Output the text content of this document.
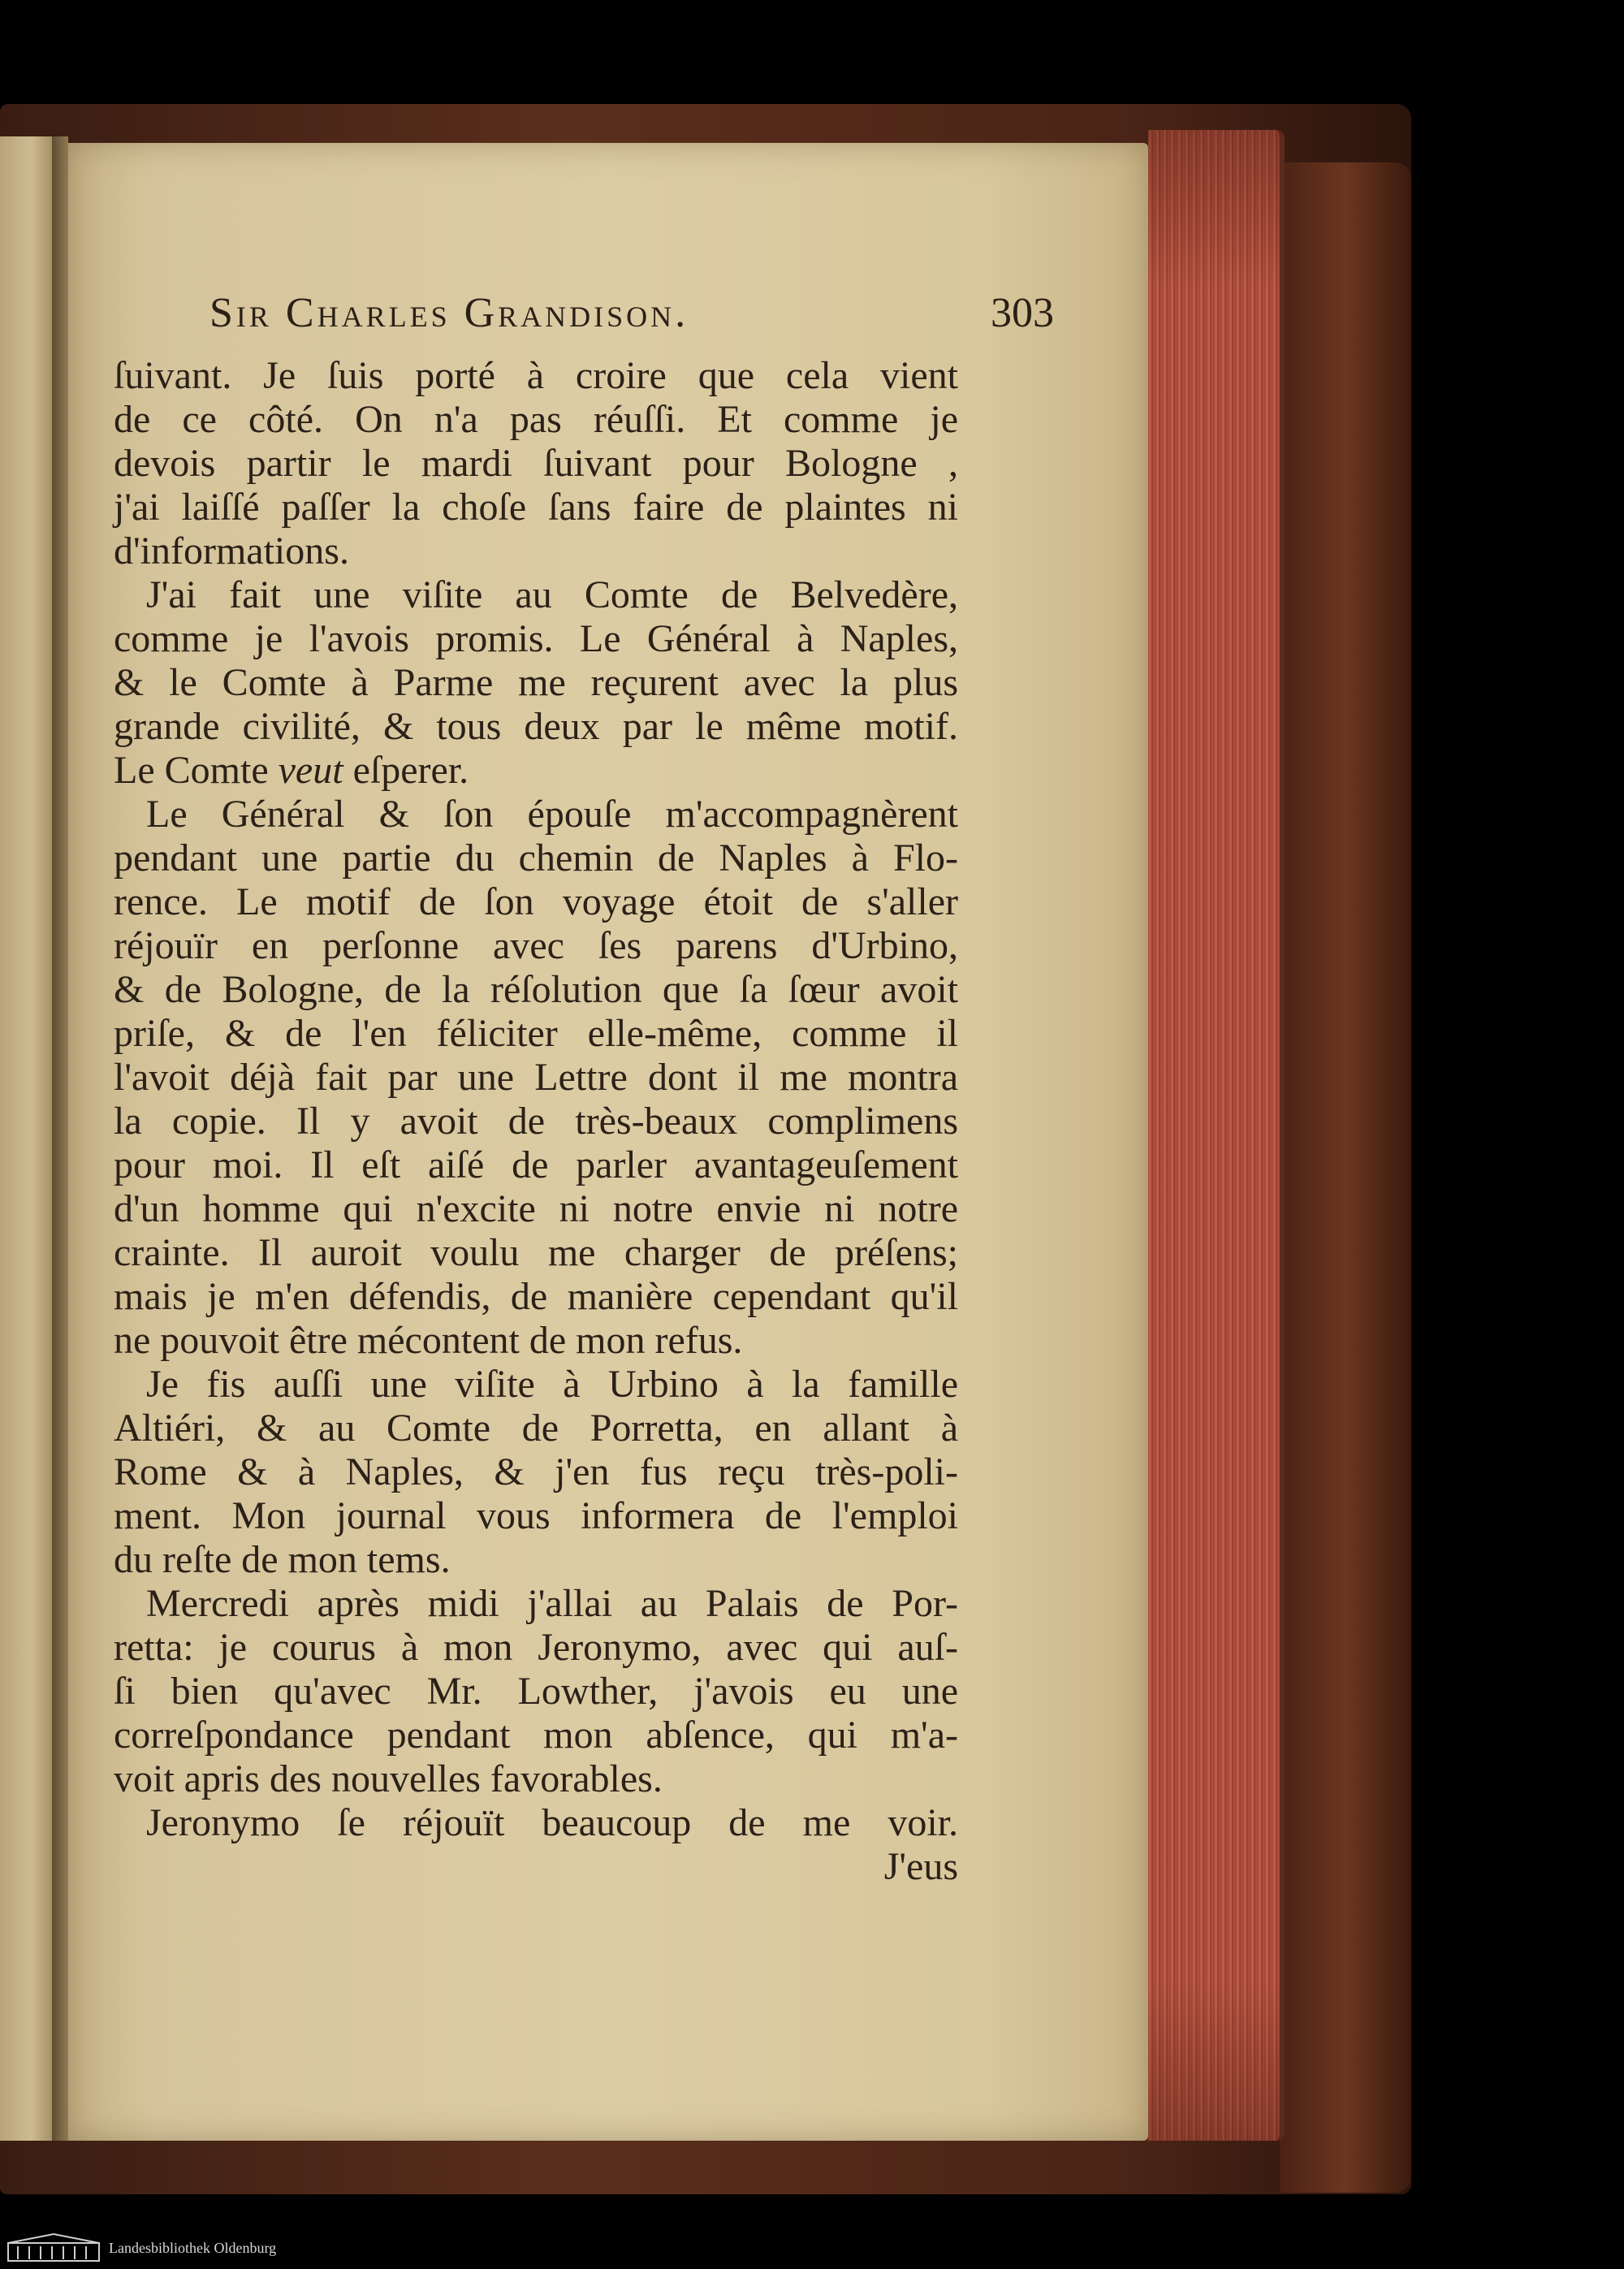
Sir Charles Grandison.	303
ſuivant. Je ſuis porté à croire que cela vient
de ce côté. On n'a pas réuſſi. Et comme je
devois partir le mardi ſuivant pour Bologne ,
j'ai laiſſé paſſer la choſe ſans faire de plaintes ni
d'informations.
J'ai fait une viſite au Comte de Belvedère,
comme je l'avois promis. Le Général à Naples,
& le Comte à Parme me reçurent avec la plus
grande civilité, & tous deux par le même motif.
Le Comte veut eſperer.
Le Général & ſon épouſe m'accompagnèrent
pendant une partie du chemin de Naples à Flo-
rence. Le motif de ſon voyage étoit de s'aller
réjouïr en perſonne avec ſes parens d'Urbino,
& de Bologne, de la réſolution que ſa ſœur avoit
priſe, & de l'en féliciter elle-même, comme il
l'avoit déjà fait par une Lettre dont il me montra
la copie. Il y avoit de très-beaux complimens
pour moi. Il eſt aiſé de parler avantageuſement
d'un homme qui n'excite ni notre envie ni notre
crainte. Il auroit voulu me charger de préſens;
mais je m'en défendis, de manière cependant qu'il
ne pouvoit être mécontent de mon refus.
Je fis auſſi une viſite à Urbino à la famille
Altiéri, & au Comte de Porretta, en allant à
Rome & à Naples, & j'en fus reçu très-poli-
ment. Mon journal vous informera de l'emploi
du reſte de mon tems.
Mercredi après midi j'allai au Palais de Por-
retta: je courus à mon Jeronymo, avec qui auſ-
ſi bien qu'avec Mr. Lowther, j'avois eu une
correſpondance pendant mon abſence, qui m'a-
voit apris des nouvelles favorables.
Jeronymo ſe réjouït beaucoup de me voir.
J'eus
Landesbibliothek Oldenburg
